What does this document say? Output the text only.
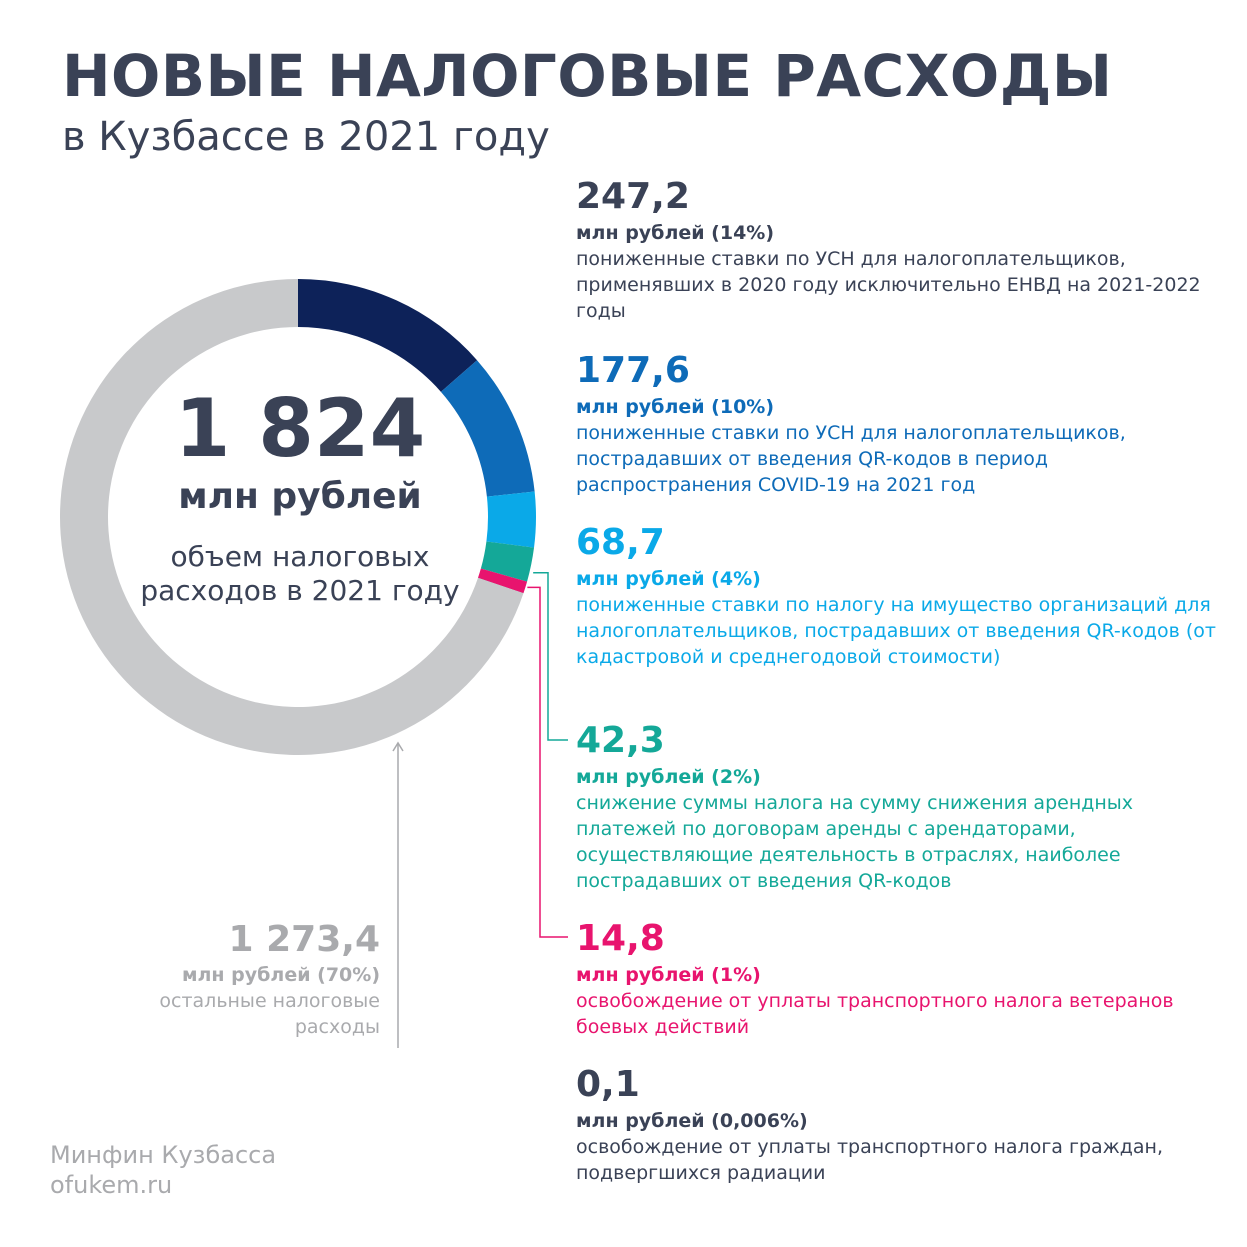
НОВЫЕ НАЛОГОВЫЕ РАСХОДЫ
в Кузбассе в 2021 году
1 824
млн рублей
объем налоговых расходов в 2021 году
247,2
млн рублей (14%)
пониженные ставки по УСН для налогоплательщиков, применявших в 2020 году исключительно ЕНВД на 2021-2022 годы
177,6
млн рублей (10%)
пониженные ставки по УСН для налогоплательщиков, пострадавших от введения QR-кодов в период распространения COVID-19 на 2021 год
68,7
млн рублей (4%)
пониженные ставки по налогу на имущество организаций для налогоплательщиков, пострадавших от введения QR-кодов (от кадастровой и среднегодовой стоимости)
42,3
млн рублей (2%)
снижение суммы налога на сумму снижения арендных платежей по договорам аренды с арендаторами, осуществляющие деятельность в отраслях, наиболее пострадавших от введения QR-кодов
14,8
млн рублей (1%)
освобождение от уплаты транспортного налога ветеранов боевых действий
0,1
млн рублей (0,006%)
освобождение от уплаты транспортного налога граждан, подвергшихся радиации
1 273,4
млн рублей (70%)
остальные налоговые расходы
Минфин Кузбасса
ofukem.ru
